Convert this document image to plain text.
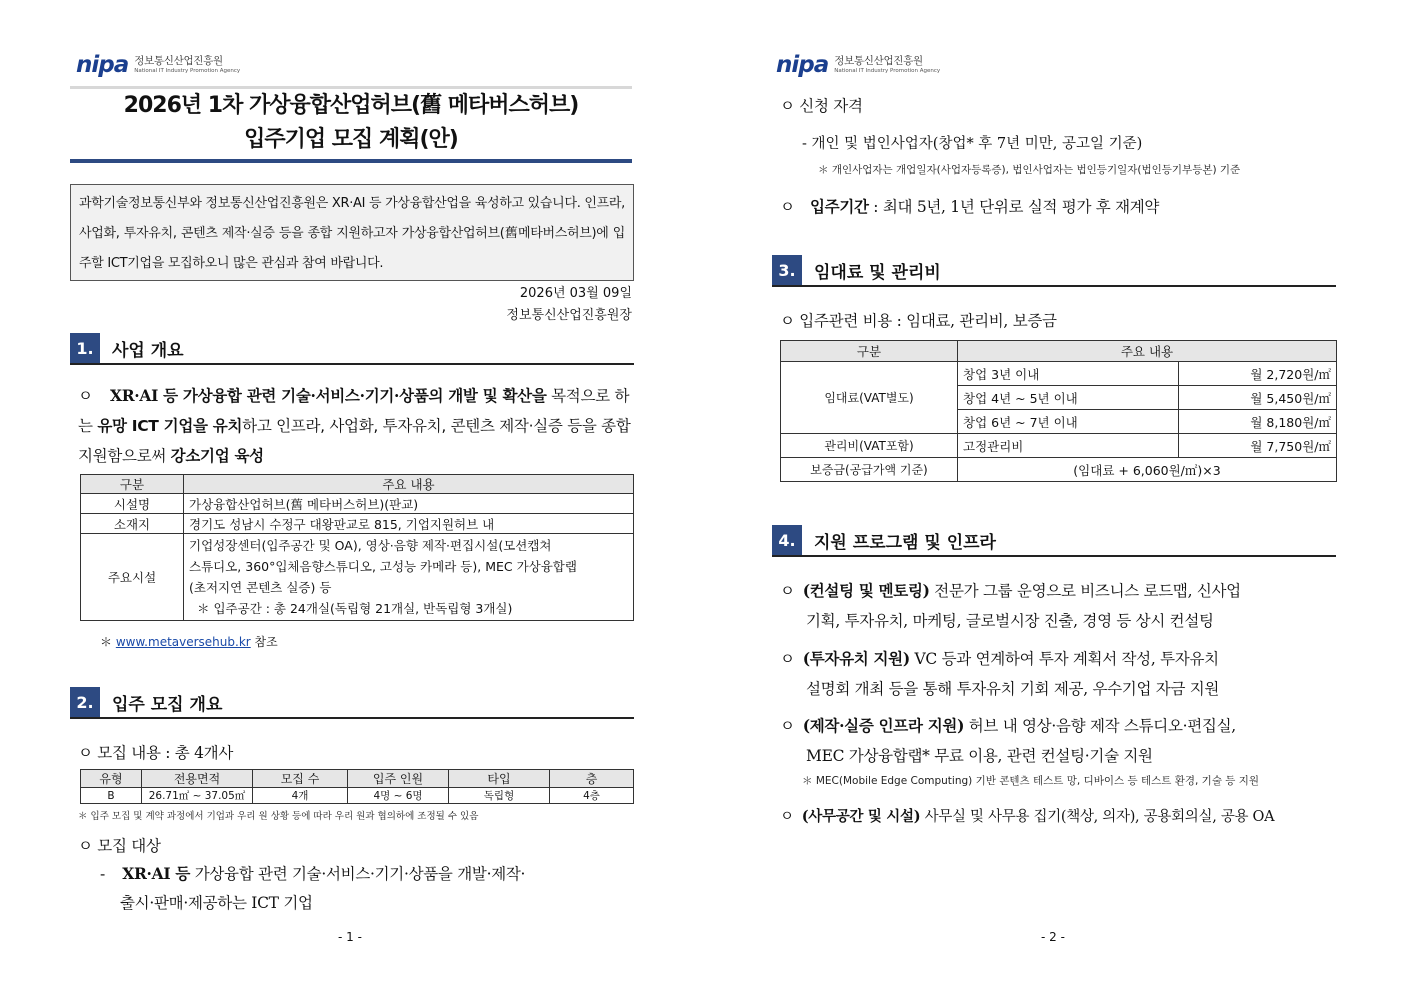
nipa 정보통신산업진흥원
National IT Industry Promotion Agency
2026년 1차 가상융합산업허브(舊 메타버스허브)
입주기업 모집 계획(안)
과학기술정보통신부와 정보통신산업진흥원은 XR·AI 등 가상융합산업을 육성하고 있습니다. 인프라, 사업화, 투자유치, 콘텐츠 제작·실증 등을 종합 지원하고자 가상융합산업허브(舊메타버스허브)에 입주할 ICT기업을 모집하오니 많은 관심과 참여 바랍니다.
2026년 03월 09일
정보통신산업진흥원장
1.	사업 개요
ㅇ XR·AI 등 가상융합 관련 기술·서비스·기기·상품의 개발 및 확산을 목적으로 하는 유망 ICT 기업을 유치하고 인프라, 사업화, 투자유치, 콘텐츠 제작·실증 등을 종합 지원함으로써 강소기업 육성
구분	주요 내용
시설명	가상융합산업허브(舊 메타버스허브)(판교)
소재지	경기도 성남시 수정구 대왕판교로 815, 기업지원허브 내
주요시설	기업성장센터(입주공간 및 OA), 영상·음향 제작·편집시설(모션캡쳐
스튜디오, 360°입체음향스튜디오, 고성능 카메라 등), MEC 가상융합랩
(초저지연 콘텐츠 실증) 등
＊ 입주공간 : 총 24개실(독립형 21개실, 반독립형 3개실)
＊ www.metaversehub.kr 참조
2.	입주 모집 개요
ㅇ 모집 내용 : 총 4개사
유형	전용면적	모집 수	입주 인원	타입	층
B	26.71㎡ ~ 37.05㎡	4개	4명 ~ 6명	독립형	4층
＊ 입주 모집 및 계약 과정에서 기업과 우리 원 상황 등에 따라 우리 원과 협의하에 조정될 수 있음
ㅇ 모집 대상
- XR·AI 등 가상융합 관련 기술·서비스·기기·상품을 개발·제작·
출시·판매·제공하는 ICT 기업
- 1 -
nipa 정보통신산업진흥원
National IT Industry Promotion Agency
ㅇ 신청 자격
- 개인 및 법인사업자(창업* 후 7년 미만, 공고일 기준)
＊ 개인사업자는 개업일자(사업자등록증), 법인사업자는 법인등기일자(법인등기부등본) 기준
ㅇ 입주기간 : 최대 5년, 1년 단위로 실적 평가 후 재계약
3.	임대료 및 관리비
ㅇ 입주관련 비용 : 임대료, 관리비, 보증금
구분	주요 내용	
임대료(VAT별도)	창업 3년 이내	월 2,720원/㎡
	창업 4년 ~ 5년 이내	월 5,450원/㎡
	창업 6년 ~ 7년 이내	월 8,180원/㎡
관리비(VAT포함)	고정관리비	월 7,750원/㎡
보증금(공급가액 기준)	(임대료 + 6,060원/㎡)×3	
4.	지원 프로그램 및 인프라
ㅇ (컨설팅 및 멘토링) 전문가 그룹 운영으로 비즈니스 로드맵, 신사업
기획, 투자유치, 마케팅, 글로벌시장 진출, 경영 등 상시 컨설팅
ㅇ (투자유치 지원) VC 등과 연계하여 투자 계획서 작성, 투자유치
설명회 개최 등을 통해 투자유치 기회 제공, 우수기업 자금 지원
ㅇ (제작·실증 인프라 지원) 허브 내 영상·음향 제작 스튜디오·편집실,
MEC 가상융합랩* 무료 이용, 관련 컨설팅·기술 지원
＊ MEC(Mobile Edge Computing) 기반 콘텐츠 테스트 망, 디바이스 등 테스트 환경, 기술 등 지원
ㅇ (사무공간 및 시설) 사무실 및 사무용 집기(책상, 의자), 공용회의실, 공용 OA
- 2 -
